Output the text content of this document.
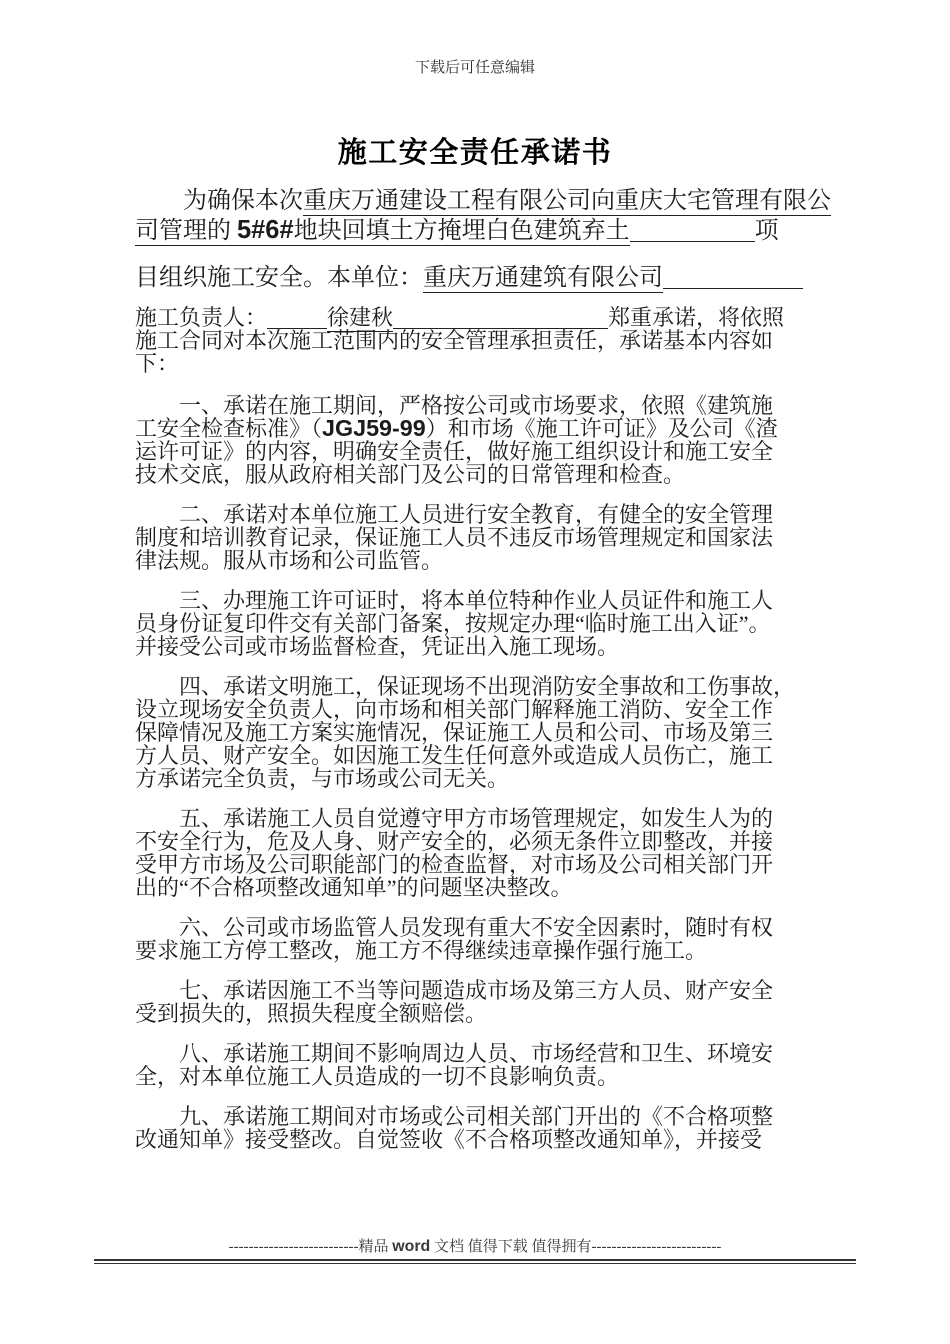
下载后可任意编辑
施工安全责任承诺书
　　为确保本次重庆万通建设工程有限公司向重庆大宅管理有限公
司管理的 5#6#地块回填土方掩埋白色建筑弃土	项
目组织施工安全。本单位：重庆万通建筑有限公司
施工负责人：	徐建秋	郑重承诺，将依照
施工合同对本次施工范围内的安全管理承担责任，承诺基本内容如
下：
　　一、承诺在施工期间，严格按公司或市场要求，依照《建筑施
工安全检查标准》（JGJ59-99）和市场《施工许可证》及公司《渣
运许可证》的内容，明确安全责任，做好施工组织设计和施工安全
技术交底，服从政府相关部门及公司的日常管理和检查。
　　二、承诺对本单位施工人员进行安全教育，有健全的安全管理
制度和培训教育记录，保证施工人员不违反市场管理规定和国家法
律法规。服从市场和公司监管。
　　三、办理施工许可证时，将本单位特种作业人员证件和施工人
员身份证复印件交有关部门备案，按规定办理“临时施工出入证”。
并接受公司或市场监督检查，凭证出入施工现场。
　　四、承诺文明施工，保证现场不出现消防安全事故和工伤事故，
设立现场安全负责人，向市场和相关部门解释施工消防、安全工作
保障情况及施工方案实施情况，保证施工人员和公司、市场及第三
方人员、财产安全。如因施工发生任何意外或造成人员伤亡，施工
方承诺完全负责，与市场或公司无关。
　　五、承诺施工人员自觉遵守甲方市场管理规定，如发生人为的
不安全行为，危及人身、财产安全的，必须无条件立即整改，并接
受甲方市场及公司职能部门的检查监督，对市场及公司相关部门开
出的“不合格项整改通知单”的问题坚决整改。
　　六、公司或市场监管人员发现有重大不安全因素时，随时有权
要求施工方停工整改，施工方不得继续违章操作强行施工。
　　七、承诺因施工不当等问题造成市场及第三方人员、财产安全
受到损失的，照损失程度全额赔偿。
　　八、承诺施工期间不影响周边人员、市场经营和卫生、环境安
全，对本单位施工人员造成的一切不良影响负责。
　　九、承诺施工期间对市场或公司相关部门开出的《不合格项整
改通知单》接受整改。自觉签收《不合格项整改通知单》，并接受
--------------------------精品 word 文档 值得下载 值得拥有--------------------------
